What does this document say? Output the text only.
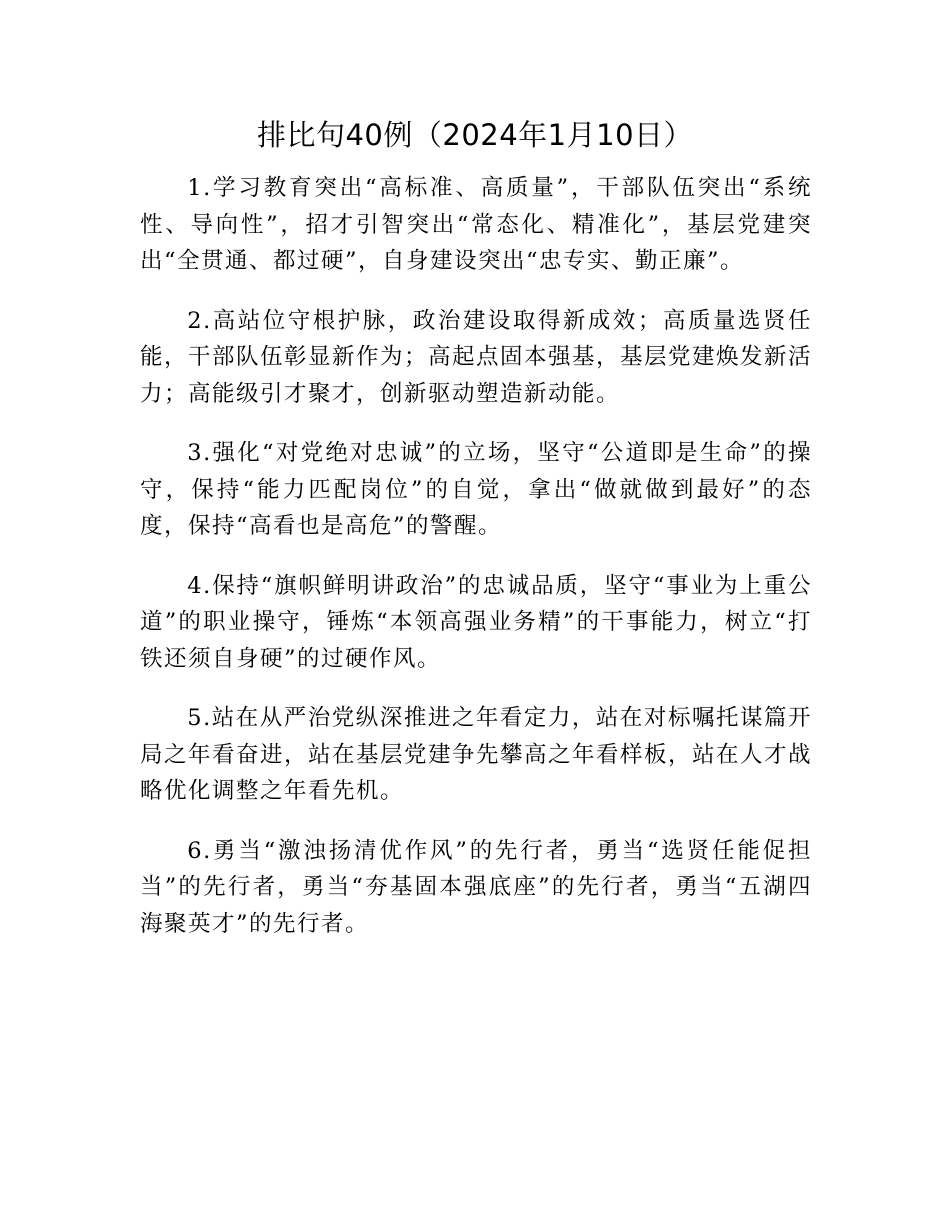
排比句40例（2024年1月10日）

1.学习教育突出“高标准、高质量”，干部队伍突出“系统性、导向性”，招才引智突出“常态化、精准化”，基层党建突出“全贯通、都过硬”，自身建设突出“忠专实、勤正廉”。

2.高站位守根护脉，政治建设取得新成效；高质量选贤任能，干部队伍彰显新作为；高起点固本强基，基层党建焕发新活力；高能级引才聚才，创新驱动塑造新动能。

3.强化“对党绝对忠诚”的立场，坚守“公道即是生命”的操守，保持“能力匹配岗位”的自觉，拿出“做就做到最好”的态度，保持“高看也是高危”的警醒。

4.保持“旗帜鲜明讲政治”的忠诚品质，坚守“事业为上重公道”的职业操守，锤炼“本领高强业务精”的干事能力，树立“打铁还须自身硬”的过硬作风。

5.站在从严治党纵深推进之年看定力，站在对标嘱托谋篇开局之年看奋进，站在基层党建争先攀高之年看样板，站在人才战略优化调整之年看先机。

6.勇当“激浊扬清优作风”的先行者，勇当“选贤任能促担当”的先行者，勇当“夯基固本强底座”的先行者，勇当“五湖四海聚英才”的先行者。
